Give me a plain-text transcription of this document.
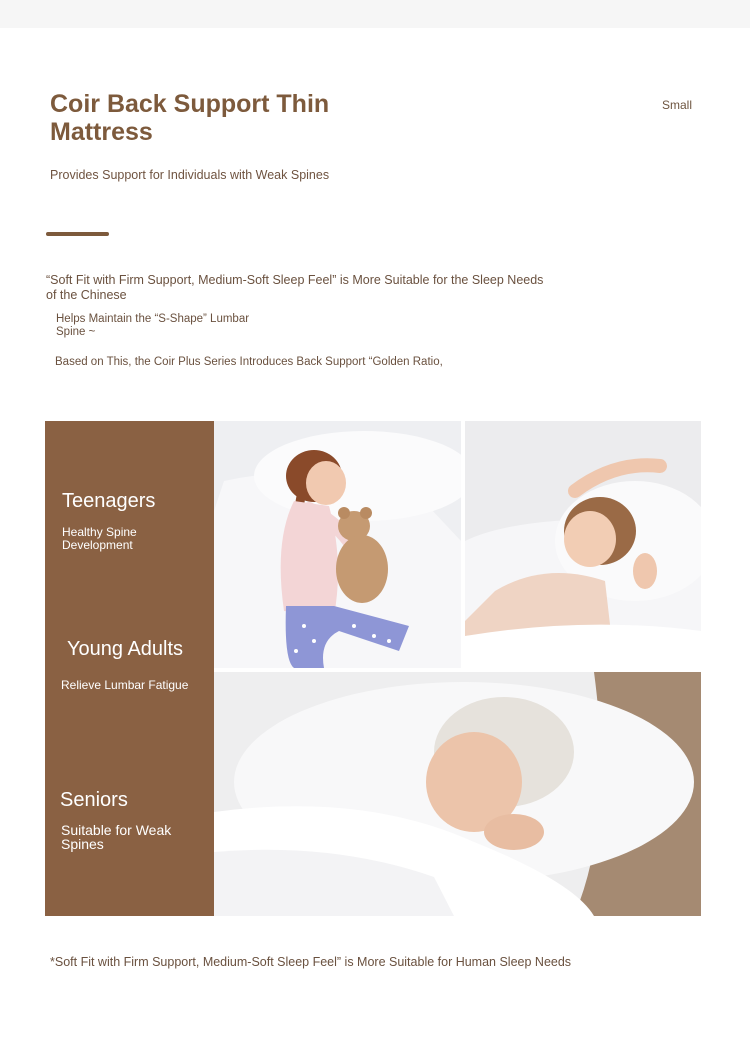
Coir Back Support Thin Mattress
Small
Provides Support for Individuals with Weak Spines

“Soft Fit with Firm Support, Medium-Soft Sleep Feel” is More Suitable for the Sleep Needs of the Chinese

Helps Maintain the “S-Shape” Lumbar Spine ~

Based on This, the Coir Plus Series Introduces Back Support “Golden Ratio,

Teenagers
Healthy Spine Development
Young Adults
Relieve Lumbar Fatigue
Seniors
Suitable for Weak Spines

*Soft Fit with Firm Support, Medium-Soft Sleep Feel” is More Suitable for Human Sleep Needs
